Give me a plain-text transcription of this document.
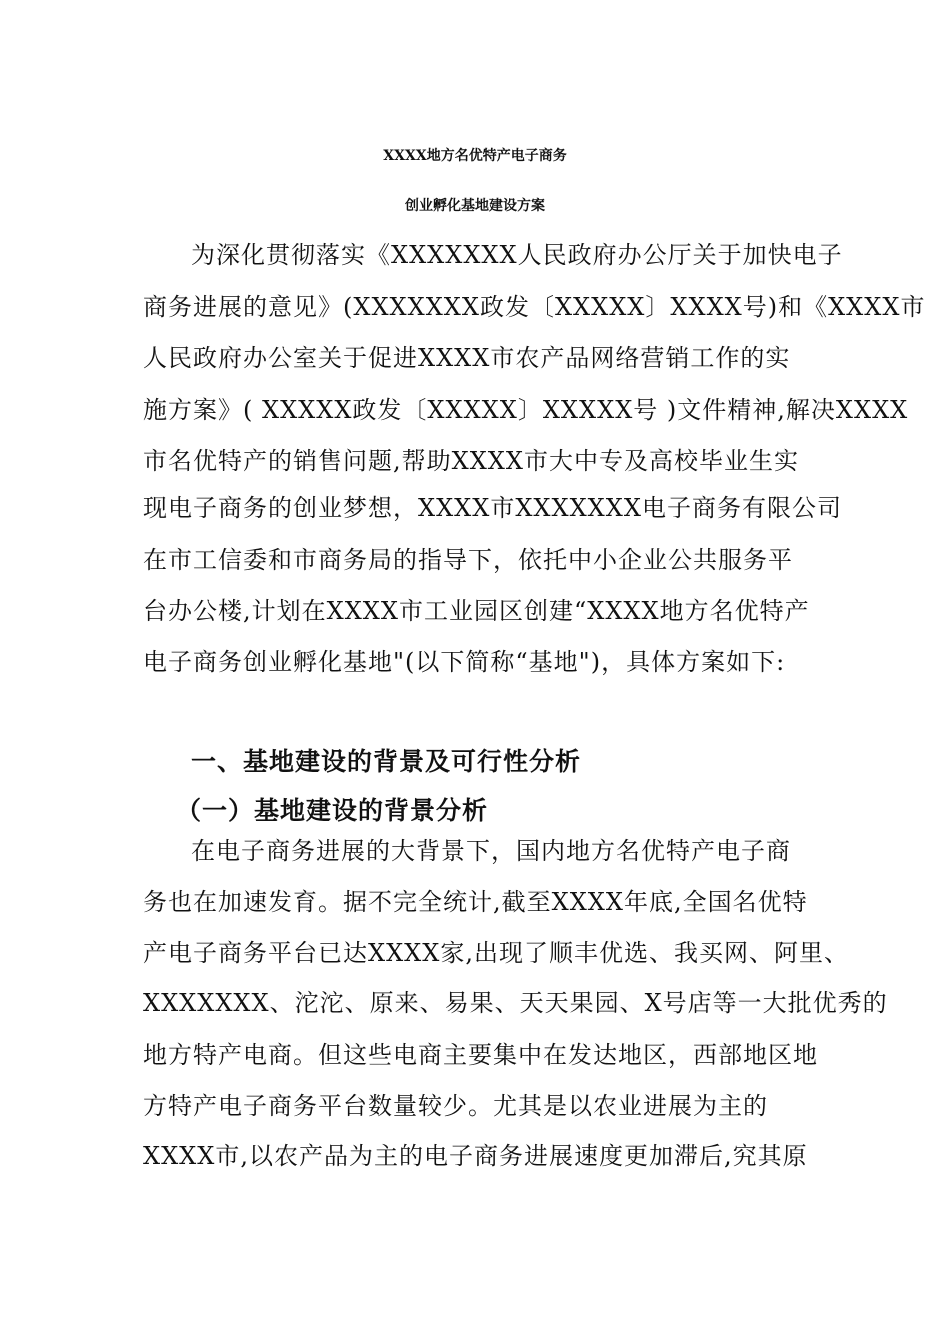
XXXX地方名优特产电子商务
创业孵化基地建设方案
为深化贯彻落实《XXXXXXX人民政府办公厅关于加快电子
商务进展的意见》(XXXXXXX政发〔XXXXX〕XXXX号)和《XXXX市
人民政府办公室关于促进XXXX市农产品网络营销工作的实
施方案》( XXXXX政发〔XXXXX〕XXXXX号 )文件精神,解决XXXX
市名优特产的销售问题,帮助XXXX市大中专及高校毕业生实
现电子商务的创业梦想，XXXX市XXXXXXX电子商务有限公司
在市工信委和市商务局的指导下，依托中小企业公共服务平
台办公楼,计划在XXXX市工业园区创建“XXXX地方名优特产
电子商务创业孵化基地"(以下简称“基地")，具体方案如下:
一、基地建设的背景及可行性分析
（一）基地建设的背景分析
在电子商务进展的大背景下，国内地方名优特产电子商
务也在加速发育。据不完全统计,截至XXXX年底,全国名优特
产电子商务平台已达XXXX家,出现了顺丰优选、我买网、阿里、
XXXXXXX、沱沱、原来、易果、天天果园、X号店等一大批优秀的
地方特产电商。但这些电商主要集中在发达地区，西部地区地
方特产电子商务平台数量较少。尤其是以农业进展为主的
XXXX市,以农产品为主的电子商务进展速度更加滞后,究其原
